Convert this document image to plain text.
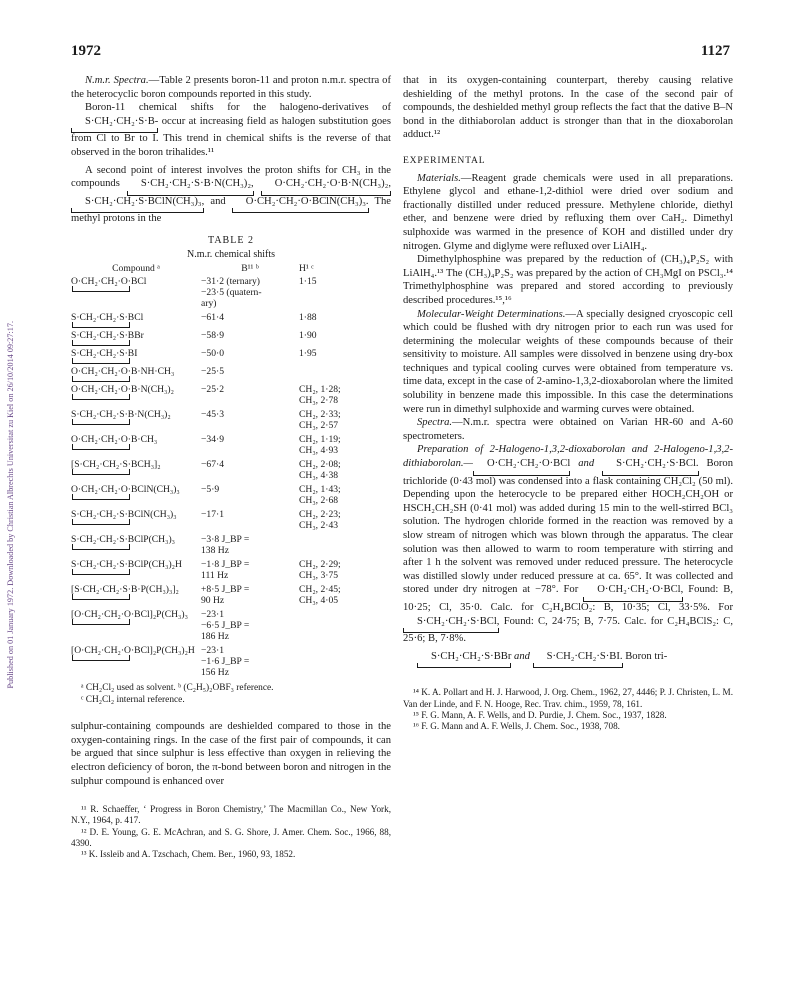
Published on 01 January 1972. Downloaded by Christian Albrechts Universitat zu Kiel on 26/10/2014 09:27:17.
1972	1127

N.m.r. Spectra.—Table 2 presents boron-11 and proton n.m.r. spectra of the heterocyclic boron compounds reported in this study.

Boron-11 chemical shifts for the halogeno-derivatives of S·CH₂·CH₂·S·B- occur at increasing field as halogen substitution goes from Cl to Br to I. This trend in chemical shifts is the reverse of that observed in the boron trihalides.¹¹

A second point of interest involves the proton shifts for CH₃ in the compounds S·CH₂·CH₂·S·B·N(CH₃)₂, O·CH₂·CH₂·O·B·N(CH₃)₂, S·CH₂·CH₂·S·BClN(CH₃)₃, and O·CH₂·CH₂·O·BClN(CH₃)₃. The methyl protons in the

TABLE 2
N.m.r. chemical shifts
Compound ᵃ	B¹¹ ᵇ	H¹ ᶜ
O·CH₂·CH₂·O·BCl	−31·2 (ternary)
−23·5 (quatern-
ary)	1·15
S·CH₂·CH₂·S·BCl	−61·4	1·88
S·CH₂·CH₂·S·BBr	−58·9	1·90
S·CH₂·CH₂·S·BI	−50·0	1·95
O·CH₂·CH₂·O·B·NH·CH₃	−25·5	
O·CH₂·CH₂·O·B·N(CH₃)₂	−25·2	CH₂, 1·28;
CH₃, 2·78
S·CH₂·CH₂·S·B·N(CH₃)₂	−45·3	CH₂, 2·33;
CH₃, 2·57
O·CH₂·CH₂·O·B·CH₃	−34·9	CH₂, 1·19;
CH₃, 4·93
[S·CH₂·CH₂·S·BCH₃]₂	−67·4	CH₂, 2·08;
CH₃, 4·38
O·CH₂·CH₂·O·BClN(CH₃)₃	−5·9	CH₂, 1·43;
CH₃, 2·68
S·CH₂·CH₂·S·BClN(CH₃)₃	−17·1	CH₂, 2·23;
CH₃, 2·43
S·CH₂·CH₂·S·BClP(CH₃)₃	−3·8 J_BP =
138 Hz	
S·CH₂·CH₂·S·BClP(CH₃)₂H	−1·8 J_BP =
111 Hz	CH₂, 2·29;
CH₃, 3·75
[S·CH₂·CH₂·S·B·P(CH₃)₃]₂	+8·5 J_BP =
90 Hz	CH₂, 2·45;
CH₃, 4·05
[O·CH₂·CH₂·O·BCl]₂P(CH₃)₃	−23·1
−6·5 J_BP =
186 Hz	
[O·CH₂·CH₂·O·BCl]₂P(CH₃)₂H	−23·1
−1·6 J_BP =
156 Hz	
ᵃ CH₂Cl₂ used as solvent. ᵇ (C₂H₅)₂OBF₃ reference.
ᶜ CH₂Cl₂ internal reference.

sulphur-containing compounds are deshielded compared to those in the oxygen-containing rings. In the case of the first pair of compounds, it can be argued that since sulphur is less effective than oxygen in relieving the electron deficiency of boron, the π-bond between boron and nitrogen in the sulphur compound is enhanced over

¹¹ R. Schaeffer, ‘ Progress in Boron Chemistry,’ The Macmillan Co., New York, N.Y., 1964, p. 417.

¹² D. E. Young, G. E. McAchran, and S. G. Shore, J. Amer. Chem. Soc., 1966, 88, 4390.

¹³ K. Issleib and A. Tzschach, Chem. Ber., 1960, 93, 1852.

that in its oxygen-containing counterpart, thereby causing relative deshielding of the methyl protons. In the case of the second pair of compounds, the deshielded methyl group reflects the fact that the dative B–N bond in the dithiaborolan adduct is stronger than that in the dioxaborolan adduct.¹²

EXPERIMENTAL

Materials.—Reagent grade chemicals were used in all preparations. Ethylene glycol and ethane-1,2-dithiol were dried over sodium and fractionally distilled under reduced pressure. Methylene chloride, diethyl ether, and benzene were dried by refluxing them over CaH₂. Dimethyl sulphoxide was warmed in the presence of KOH and distilled under dry nitrogen. Glyme and diglyme were refluxed over LiAlH₄.

Dimethylphosphine was prepared by the reduction of (CH₃)₄P₂S₂ with LiAlH₄.¹³ The (CH₃)₄P₂S₂ was prepared by the action of CH₃MgI on PSCl₃.¹⁴ Trimethylphosphine was prepared and stored according to previously described procedures.¹⁵,¹⁶

Molecular-Weight Determinations.—A specially designed cryoscopic cell which could be flushed with dry nitrogen prior to each run was used for determining the molecular weights of these compounds because of their sensitivity to moisture. All samples were dissolved in benzene using dry-box techniques and typical cooling curves were obtained from temperature vs. time data, except in the case of 2-amino-1,3,2-dioxaborolan where the limited solubility in benzene made this impossible. In this case the determinations were run in dimethyl sulphoxide and warming curves were obtained.

Spectra.—N.m.r. spectra were obtained on Varian HR-60 and A-60 spectrometers.

Preparation of 2-Halogeno-1,3,2-dioxaborolan and 2-Halogeno-1,3,2-dithiaborolan.— O·CH₂·CH₂·O·BCl and S·CH₂·CH₂·S·BCl. Boron trichloride (0·43 mol) was condensed into a flask containing CH₂Cl₂ (50 ml). Depending upon the heterocycle to be prepared either HOCH₂CH₂OH or HSCH₂CH₂SH (0·41 mol) was added during 15 min to the well-stirred BCl₃ solution. The hydrogen chloride formed in the reaction was removed by a slow stream of nitrogen which was blown through the apparatus. The clear solution was then allowed to warm to room temperature with stirring and after 1 h the solvent was removed under reduced pressure. The heterocycle was distilled slowly under reduced pressure at ca. 65°. It was collected and stored under dry nitrogen at −78°. For O·CH₂·CH₂·O·BCl, Found: B, 10·25; Cl, 35·0. Calc. for C₂H₄BClO₂: B, 10·35; Cl, 33·5%. For S·CH₂·CH₂·S·BCl, Found: C, 24·75; B, 7·75. Calc. for C₂H₄BClS₂: C, 25·6; B, 7·8%.

S·CH₂·CH₂·S·BBr and S·CH₂·CH₂·S·BI. Boron tri-

¹⁴ K. A. Pollart and H. J. Harwood, J. Org. Chem., 1962, 27, 4446; P. J. Christen, L. M. Van der Linde, and F. N. Hooge, Rec. Trav. chim., 1959, 78, 161.

¹⁵ F. G. Mann, A. F. Wells, and D. Purdie, J. Chem. Soc., 1937, 1828.

¹⁶ F. G. Mann and A. F. Wells, J. Chem. Soc., 1938, 708.
